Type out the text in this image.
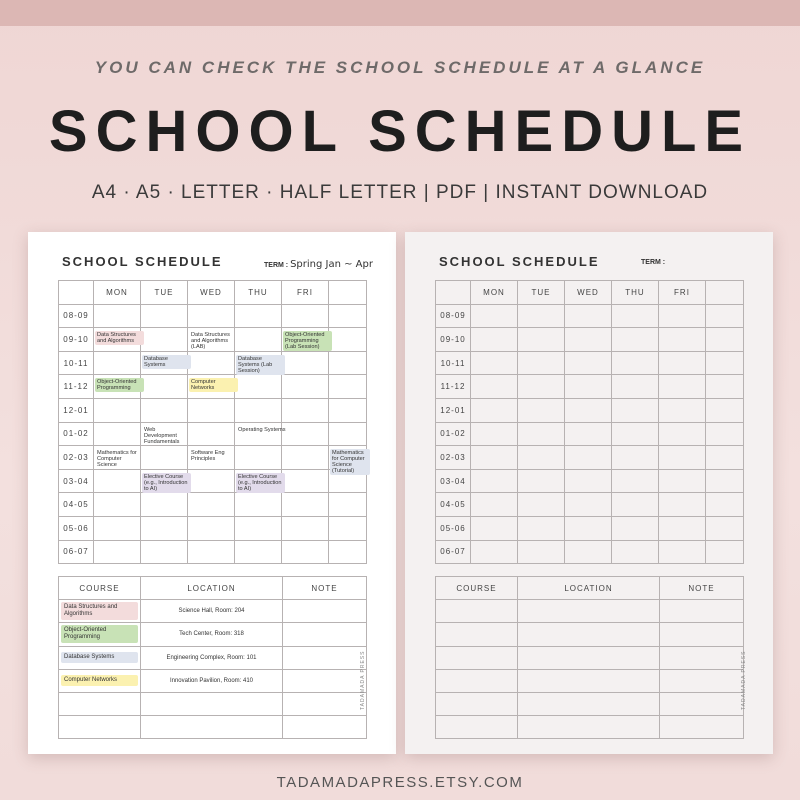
YOU CAN CHECK THE SCHOOL SCHEDULE AT A GLANCE
SCHOOL SCHEDULE
A4 · A5 · LETTER · HALF LETTER | PDF | INSTANT DOWNLOAD
SCHOOL SCHEDULE	TERM : Spring Jan ~ Apr
	MON	TUE	WED	THU	FRI	
08-09						
09-10	Data Structures and Algorithms		Data Structures and Algorithms (LAB)		Object-Oriented Programming (Lab Session)	

10-11		Database Systems		Database Systems (Lab Session)		

11-12	Object-Oriented Programming		Computer Networks			

12-01						
01-02		Web Development Fundamentals		Operating Systems		

02-03	Mathematics for Computer Science		Software Eng Principles			Mathematics for Computer Science (Tutorial)

03-04		Elective Course (e.g., Introduction to AI)		Elective Course (e.g., Introduction to AI)		

04-05						
05-06						
06-07						
COURSE	LOCATION	NOTE

Data Structures and Algorithms	Science Hall, Room: 204	

Object-Oriented Programming	Tech Center, Room: 318	

Database Systems	Engineering Complex, Room: 101	

Computer Networks	Innovation Pavilion, Room: 410	

			TADAMADA PRESS
SCHOOL SCHEDULE	TERM :
	MON	TUE	WED	THU	FRI	
08-09						
09-10						
10-11						
11-12						
12-01						
01-02						
02-03						
03-04						
04-05						
05-06						
06-07						
COURSE	LOCATION	NOTE

TADAMADA PRESS
TADAMADAPRESS.ETSY.COM
